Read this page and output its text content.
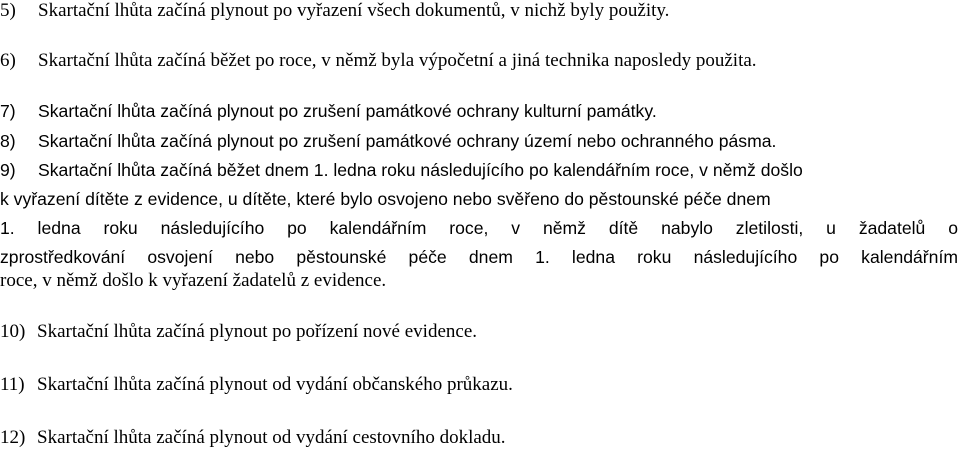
5) Skartační lhůta začíná plynout po vyřazení všech dokumentů, v nichž byly použity.
6) Skartační lhůta začíná běžet po roce, v němž byla výpočetní a jiná technika naposledy použita.
7) Skartační lhůta začíná plynout po zrušení památkové ochrany kulturní památky.
8) Skartační lhůta začíná plynout po zrušení památkové ochrany území nebo ochranného pásma.
9) Skartační lhůta začíná běžet dnem 1. ledna roku následujícího po kalendářním roce, v němž došlo
k vyřazení dítěte z evidence, u dítěte, které bylo osvojeno nebo svěřeno do pěstounské péče dnem
1. ledna roku následujícího po kalendářním roce, v němž dítě nabylo zletilosti, u žadatelů o
zprostředkování osvojení nebo pěstounské péče dnem 1. ledna roku následujícího po kalendářním
roce, v němž došlo k vyřazení žadatelů z evidence.
10) Skartační lhůta začíná plynout po pořízení nové evidence.
11) Skartační lhůta začíná plynout od vydání občanského průkazu.
12) Skartační lhůta začíná plynout od vydání cestovního dokladu.
